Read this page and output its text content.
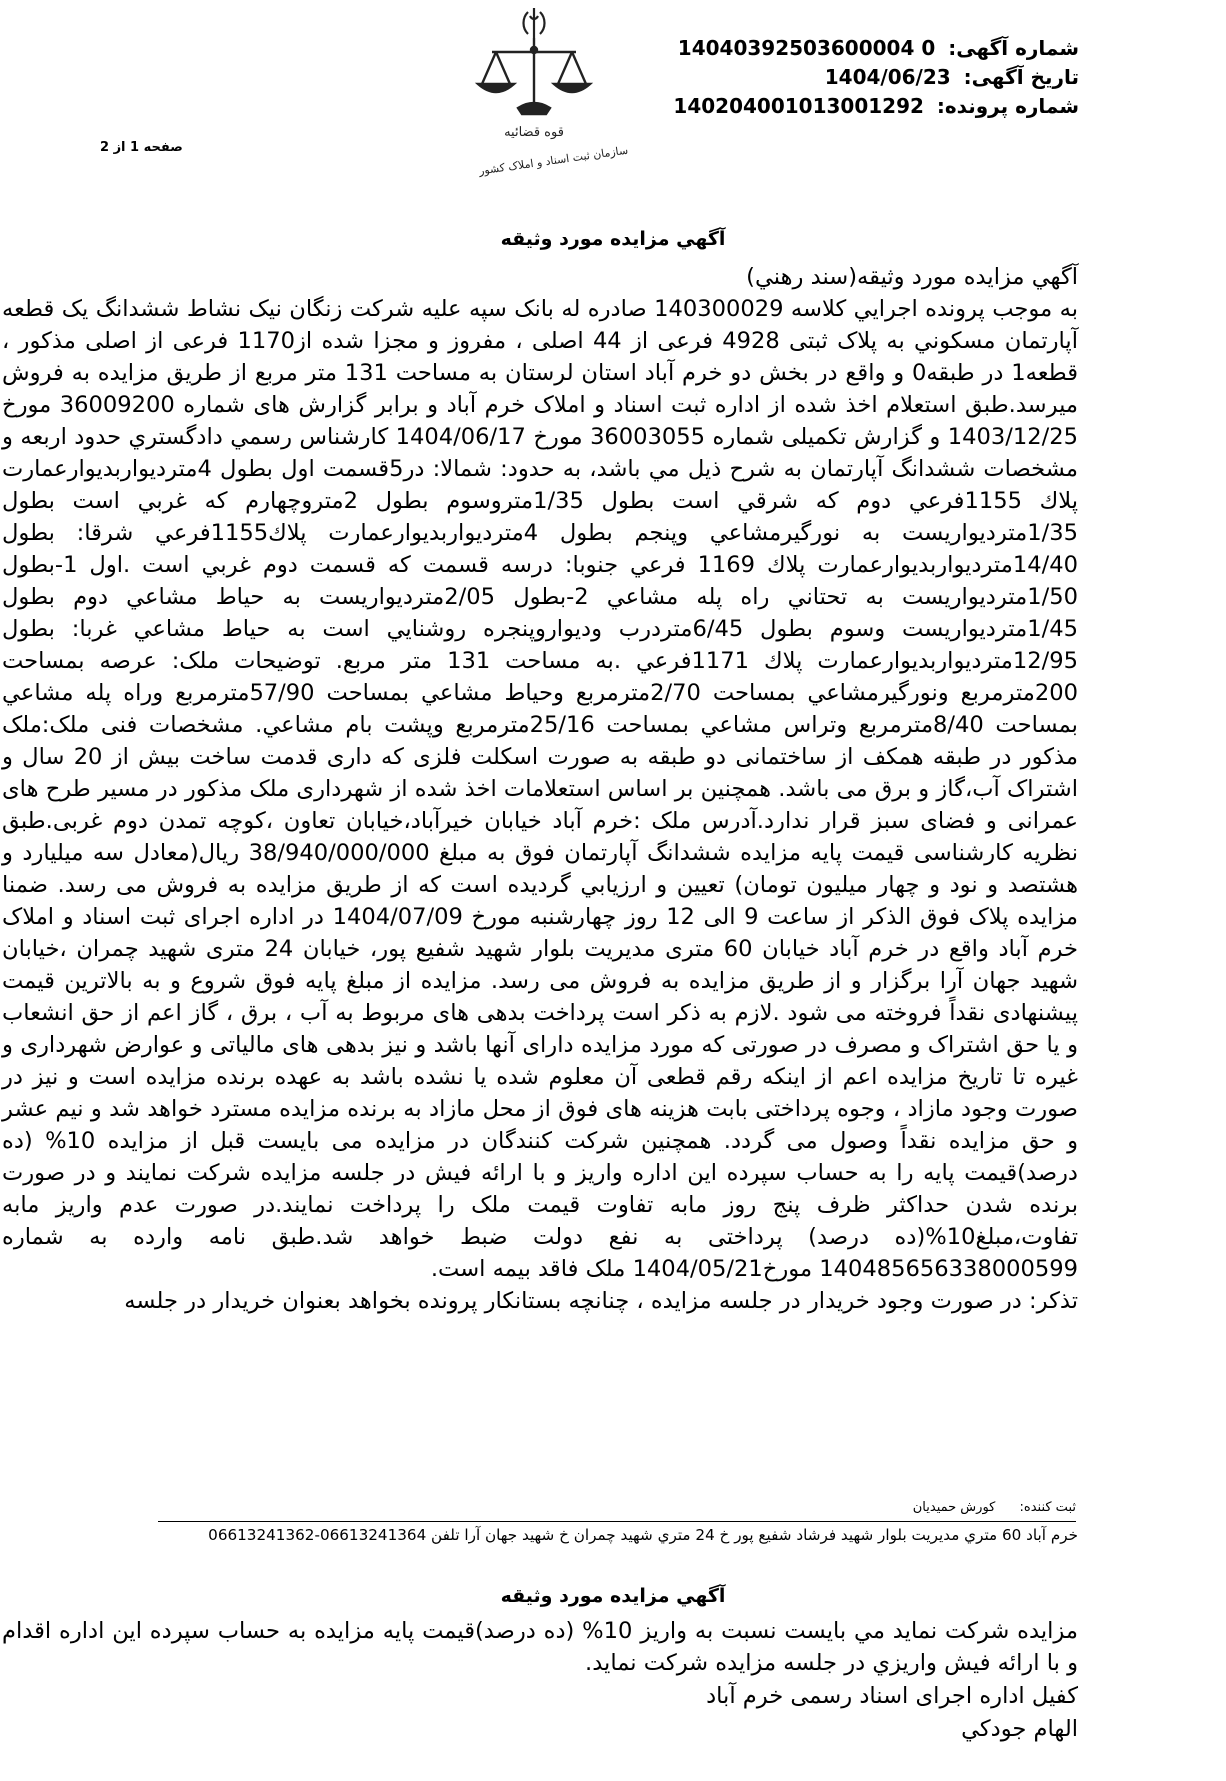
شماره آگهی: 14040392503600004 0
تاریخ آگهی: 1404/06/23
شماره پرونده: 140204001013001292
قوه قضائیه
سازمان ثبت اسناد و املاک کشور
صفحه 1 از 2
آگهي مزايده مورد وثيقه

آگهي مزايده مورد وثيقه(سند رهني)

به موجب پرونده اجرايي كلاسه 140300029 صادره له بانک سپه علیه شرکت زنگان نیک نشاط ششدانگ یک قطعه آپارتمان مسکوني به پلاک ثبتی 4928 فرعی از 44 اصلی ، مفروز و مجزا شده از1170 فرعی از اصلی مذکور ، قطعه1 در طبقه0 و واقع در بخش دو خرم آباد استان لرستان به مساحت 131 متر مربع از طریق مزايده به فروش ميرسد.طبق استعلام اخذ شده از اداره ثبت اسناد و املاک خرم آباد و برابر گزارش های شماره 36009200 مورخ 1403/12/25 و گزارش تکمیلی شماره 36003055 مورخ 1404/06/17 كارشناس رسمي دادگستري حدود اربعه و مشخصات ششدانگ آپارتمان به شرح ذيل مي باشد، به حدود: شمالا: در5قسمت اول بطول 4متردیواربدیوارعمارت پلاك 1155فرعي دوم كه شرقي است بطول 1/35متروسوم بطول 2متروچهارم كه غربي است بطول 1/35متردیواریست به نورگیرمشاعي وپنجم بطول 4متردیواربدیوارعمارت پلاك1155فرعي شرقا: بطول 14/40متردیواربدیوارعمارت پلاك 1169 فرعي جنوبا: درسه قسمت كه قسمت دوم غربي است .اول 1-بطول 1/50متردیواریست به تحتاني راه پله مشاعي 2-بطول 2/05متردیواریست به حیاط مشاعي دوم بطول 1/45متردیواریست وسوم بطول 6/45متردرب وديواروپنجره روشنايي است به حياط مشاعي غربا: بطول 12/95متردیواربدیوارعمارت پلاك 1171فرعي .به مساحت 131 متر مربع. توضيحات ملک: عرصه بمساحت 200مترمربع ونورگیرمشاعي بمساحت 2/70مترمربع وحياط مشاعي بمساحت 57/90مترمربع وراه پله مشاعي بمساحت 8/40مترمربع وتراس مشاعي بمساحت 25/16مترمربع وپشت بام مشاعي. مشخصات فنی ملک:ملک مذکور در طبقه همکف از ساختمانی دو طبقه به صورت اسکلت فلزی که داری قدمت ساخت بیش از 20 سال و اشتراک آب،گاز و برق می باشد. همچنین بر اساس استعلامات اخذ شده از شهرداری ملک مذکور در مسیر طرح های عمرانی و فضای سبز قرار ندارد.آدرس ملک :خرم آباد خیابان خیرآباد،خیابان تعاون ،کوچه تمدن دوم غربی.طبق نظریه کارشناسی قیمت پایه مزایده ششدانگ آپارتمان فوق به مبلغ 38/940/000/000 ريال(معادل سه میلیارد و هشتصد و نود و چهار میلیون تومان) تعیین و ارزيابي گرديده است كه از طريق مزايده به فروش می رسد. ضمنا مزايده پلاک فوق الذکر از ساعت 9 الی 12 روز چهارشنبه مورخ 1404/07/09 در اداره اجرای ثبت اسناد و املاک خرم آباد واقع در خرم آباد خیابان 60 متری مدیریت بلوار شهید شفیع پور، خیابان 24 متری شهید چمران ،خیابان شهید جهان آرا برگزار و از طریق مزایده به فروش می رسد. مزايده از مبلغ پايه فوق شروع و به بالاترين قيمت پيشنهادی نقداً فروخته می شود .لازم به ذکر است پرداخت بدهی های مربوط به آب ، برق ، گاز اعم از حق انشعاب و يا حق اشتراک و مصرف در صورتی که مورد مزايده دارای آنها باشد و نيز بدهی های مالياتی و عوارض شهرداری و غيره تا تاريخ مزايده اعم از اينکه رقم قطعی آن معلوم شده يا نشده باشد به عهده برنده مزايده است و نيز در صورت وجود مازاد ، وجوه پرداختی بابت هزينه های فوق از محل مازاد به برنده مزايده مسترد خواهد شد و نیم عشر و حق مزايده نقداً وصول می گردد. همچنين شرکت کنندگان در مزایده می بایست قبل از مزایده 10% (ده درصد)قیمت پایه را به حساب سپرده این اداره واریز و با ارائه فیش در جلسه مزایده شرکت نمایند و در صورت برنده شدن حداکثر ظرف پنج روز مابه تفاوت قیمت ملک را پرداخت نمایند.در صورت عدم واریز مابه تفاوت،مبلغ10%(ده درصد) پرداختی به نفع دولت ضبط خواهد شد.طبق نامه وارده به شماره 140485656338000599 مورخ1404/05/21 ملک فاقد بیمه است.

تذکر: در صورت وجود خریدار در جلسه مزایده ، چنانچه بستانکار پرونده بخواهد بعنوان خریدار در جلسه

ثبت كننده: كورش حميديان
خرم آباد 60 متري مديريت بلوار شهيد فرشاد شفيع پور خ 24 متري شهيد چمران خ شهيد جهان آرا تلفن 06613241364-06613241362
آگهي مزايده مورد وثيقه

مزایده شرکت نماید مي بایست نسبت به واریز 10% (ده درصد)قیمت پایه مزایده به حساب سپرده این اداره اقدام و با ارائه فيش واريزي در جلسه مزایده شرکت نماید.

كفيل اداره اجرای اسناد رسمی خرم آباد
الهام جودکي
